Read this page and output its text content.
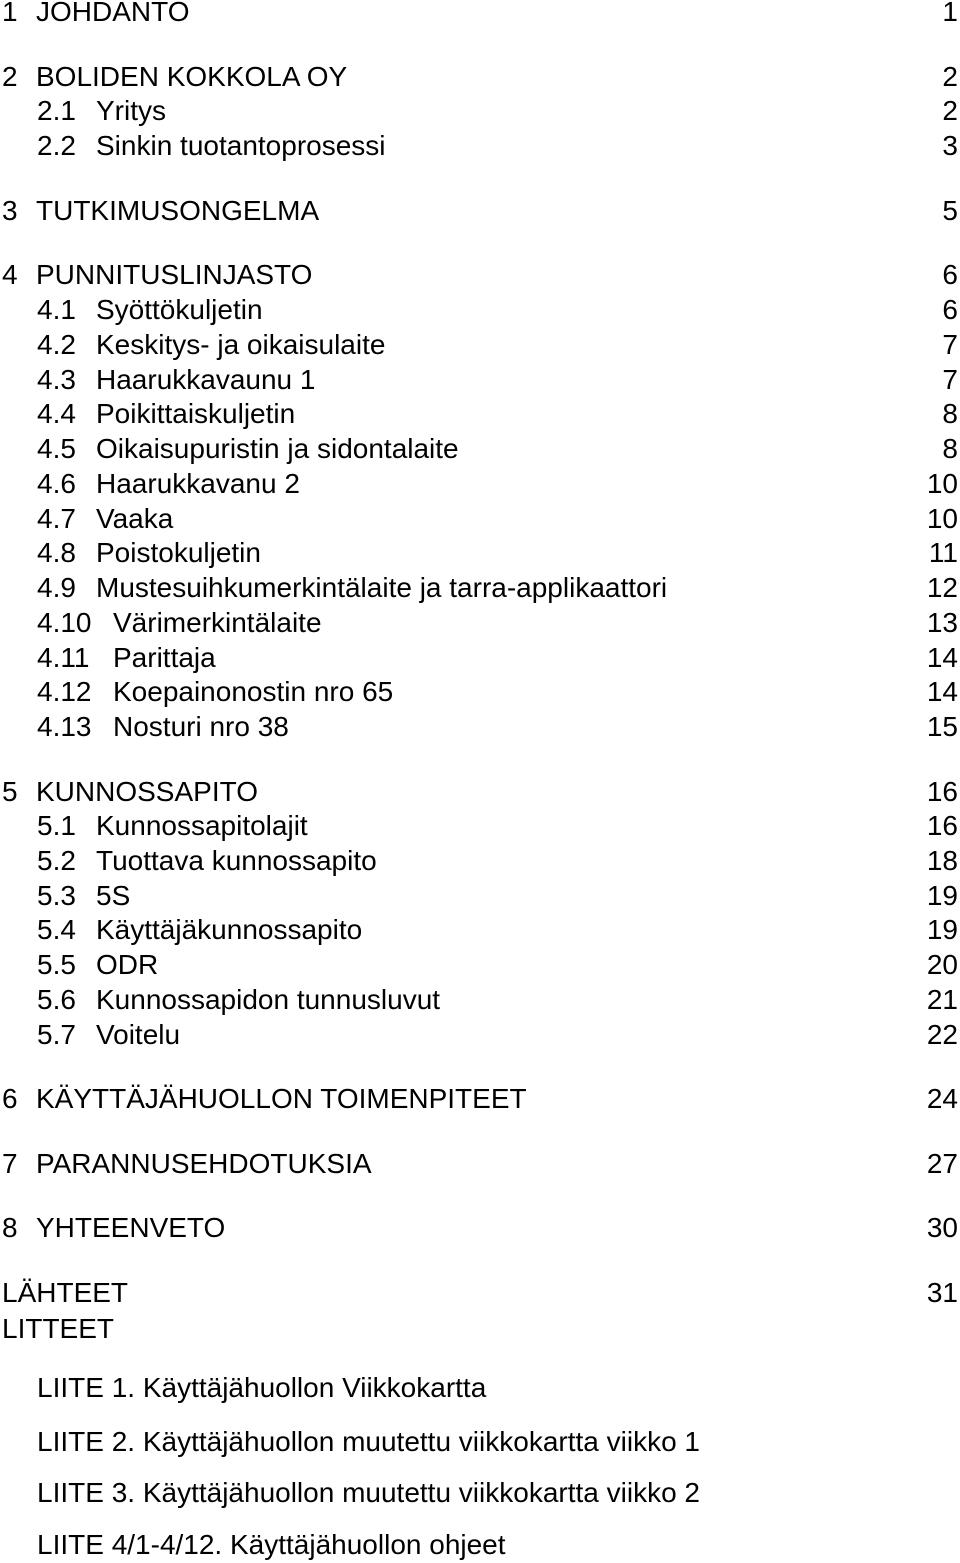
1 JOHDANTO	1
2 BOLIDEN KOKKOLA OY	2
2.1 Yritys	2
2.2 Sinkin tuotantoprosessi	3
3 TUTKIMUSONGELMA	5
4 PUNNITUSLINJASTO	6
4.1 Syöttökuljetin	6
4.2 Keskitys- ja oikaisulaite	7
4.3 Haarukkavaunu 1	7
4.4 Poikittaiskuljetin	8
4.5 Oikaisupuristin ja sidontalaite	8
4.6 Haarukkavanu 2	10
4.7 Vaaka	10
4.8 Poistokuljetin	11
4.9 Mustesuihkumerkintälaite ja tarra-applikaattori	12
4.10 Värimerkintälaite	13
4.11 Parittaja	14
4.12 Koepainonostin nro 65	14
4.13 Nosturi nro 38	15
5 KUNNOSSAPITO	16
5.1 Kunnossapitolajit	16
5.2 Tuottava kunnossapito	18
5.3 5S	19
5.4 Käyttäjäkunnossapito	19
5.5 ODR	20
5.6 Kunnossapidon tunnusluvut	21
5.7 Voitelu	22
6 KÄYTTÄJÄHUOLLON TOIMENPITEET	24
7 PARANNUSEHDOTUKSIA	27
8 YHTEENVETO	30
LÄHTEET	31
LITTEET
LIITE 1. Käyttäjähuollon Viikkokartta
LIITE 2. Käyttäjähuollon muutettu viikkokartta viikko 1
LIITE 3. Käyttäjähuollon muutettu viikkokartta viikko 2
LIITE 4/1-4/12. Käyttäjähuollon ohjeet
